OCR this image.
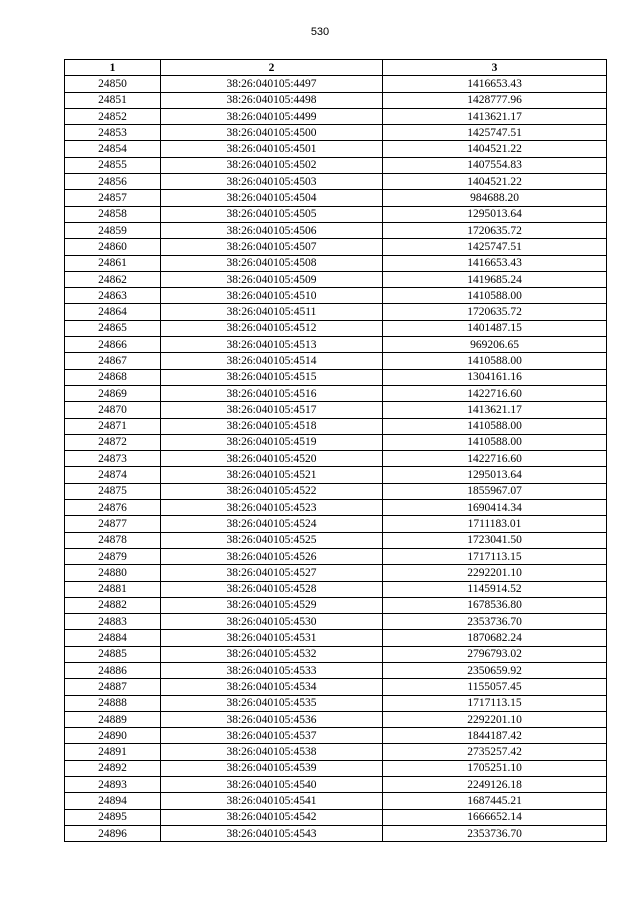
530
1	2	3
24850	38:26:040105:4497	1416653.43
24851	38:26:040105:4498	1428777.96
24852	38:26:040105:4499	1413621.17
24853	38:26:040105:4500	1425747.51
24854	38:26:040105:4501	1404521.22
24855	38:26:040105:4502	1407554.83
24856	38:26:040105:4503	1404521.22
24857	38:26:040105:4504	984688.20
24858	38:26:040105:4505	1295013.64
24859	38:26:040105:4506	1720635.72
24860	38:26:040105:4507	1425747.51
24861	38:26:040105:4508	1416653.43
24862	38:26:040105:4509	1419685.24
24863	38:26:040105:4510	1410588.00
24864	38:26:040105:4511	1720635.72
24865	38:26:040105:4512	1401487.15
24866	38:26:040105:4513	969206.65
24867	38:26:040105:4514	1410588.00
24868	38:26:040105:4515	1304161.16
24869	38:26:040105:4516	1422716.60
24870	38:26:040105:4517	1413621.17
24871	38:26:040105:4518	1410588.00
24872	38:26:040105:4519	1410588.00
24873	38:26:040105:4520	1422716.60
24874	38:26:040105:4521	1295013.64
24875	38:26:040105:4522	1855967.07
24876	38:26:040105:4523	1690414.34
24877	38:26:040105:4524	1711183.01
24878	38:26:040105:4525	1723041.50
24879	38:26:040105:4526	1717113.15
24880	38:26:040105:4527	2292201.10
24881	38:26:040105:4528	1145914.52
24882	38:26:040105:4529	1678536.80
24883	38:26:040105:4530	2353736.70
24884	38:26:040105:4531	1870682.24
24885	38:26:040105:4532	2796793.02
24886	38:26:040105:4533	2350659.92
24887	38:26:040105:4534	1155057.45
24888	38:26:040105:4535	1717113.15
24889	38:26:040105:4536	2292201.10
24890	38:26:040105:4537	1844187.42
24891	38:26:040105:4538	2735257.42
24892	38:26:040105:4539	1705251.10
24893	38:26:040105:4540	2249126.18
24894	38:26:040105:4541	1687445.21
24895	38:26:040105:4542	1666652.14
24896	38:26:040105:4543	2353736.70
